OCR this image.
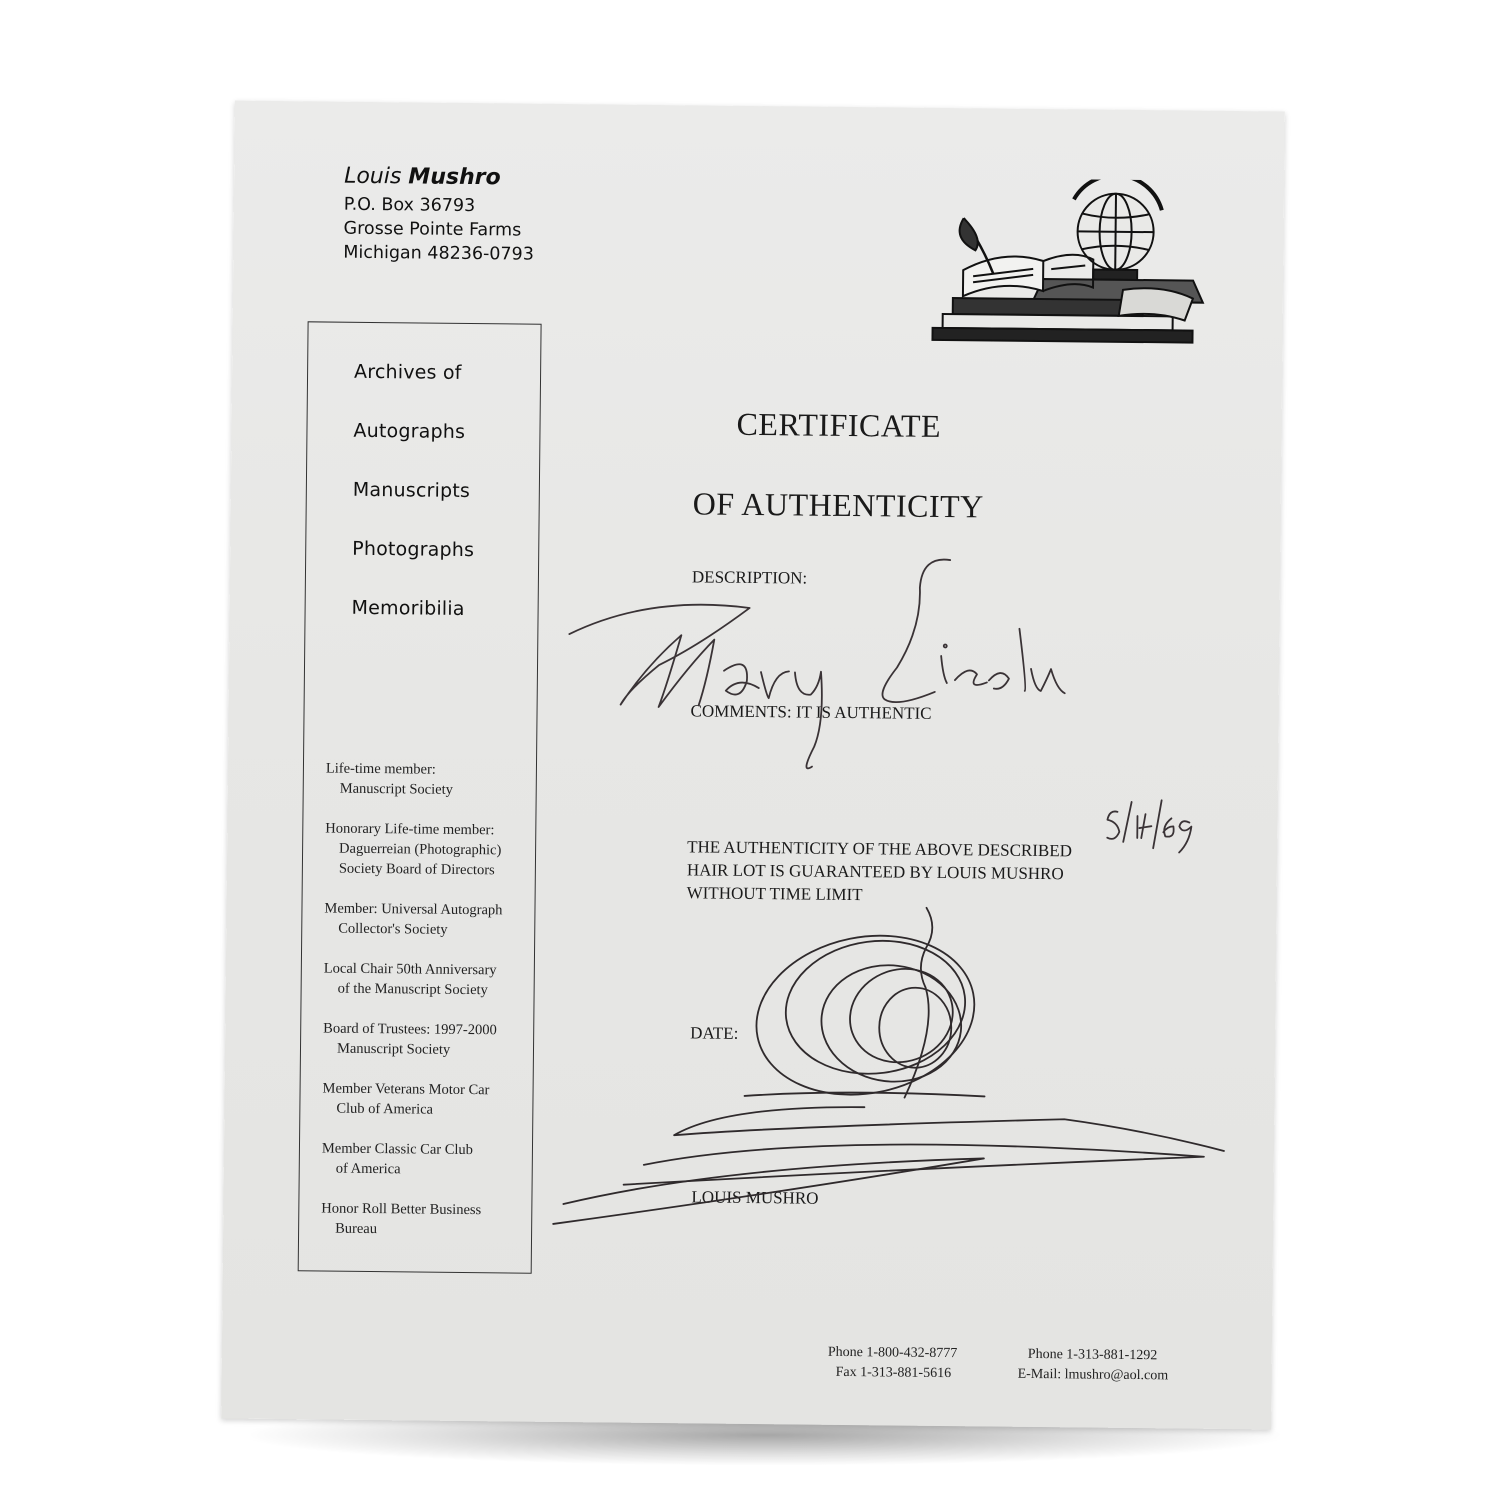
Louis Mushro
P.O. Box 36793
Grosse Pointe Farms
Michigan 48236-0793
Archives of
Autographs
Manuscripts
Photographs
Memoribilia
Life-time member:
Manuscript Society
Honorary Life-time member:
Daguerreian (Photographic) Society Board of Directors
Member: Universal Autograph
Collector's Society
Local Chair 50th Anniversary
of the Manuscript Society
Board of Trustees: 1997-2000
Manuscript Society
Member Veterans Motor Car
Club of America
Member Classic Car Club
of America
Honor Roll Better Business
Bureau
CERTIFICATE
OF AUTHENTICITY
DESCRIPTION:
COMMENTS: IT IS AUTHENTIC
THE AUTHENTICITY OF THE ABOVE DESCRIBED HAIR LOT IS GUARANTEED BY LOUIS MUSHRO WITHOUT TIME LIMIT
DATE:
LOUIS MUSHRO
Phone 1-800-432-8777
Fax 1-313-881-5616
Phone 1-313-881-1292
E-Mail: lmushro@aol.com
